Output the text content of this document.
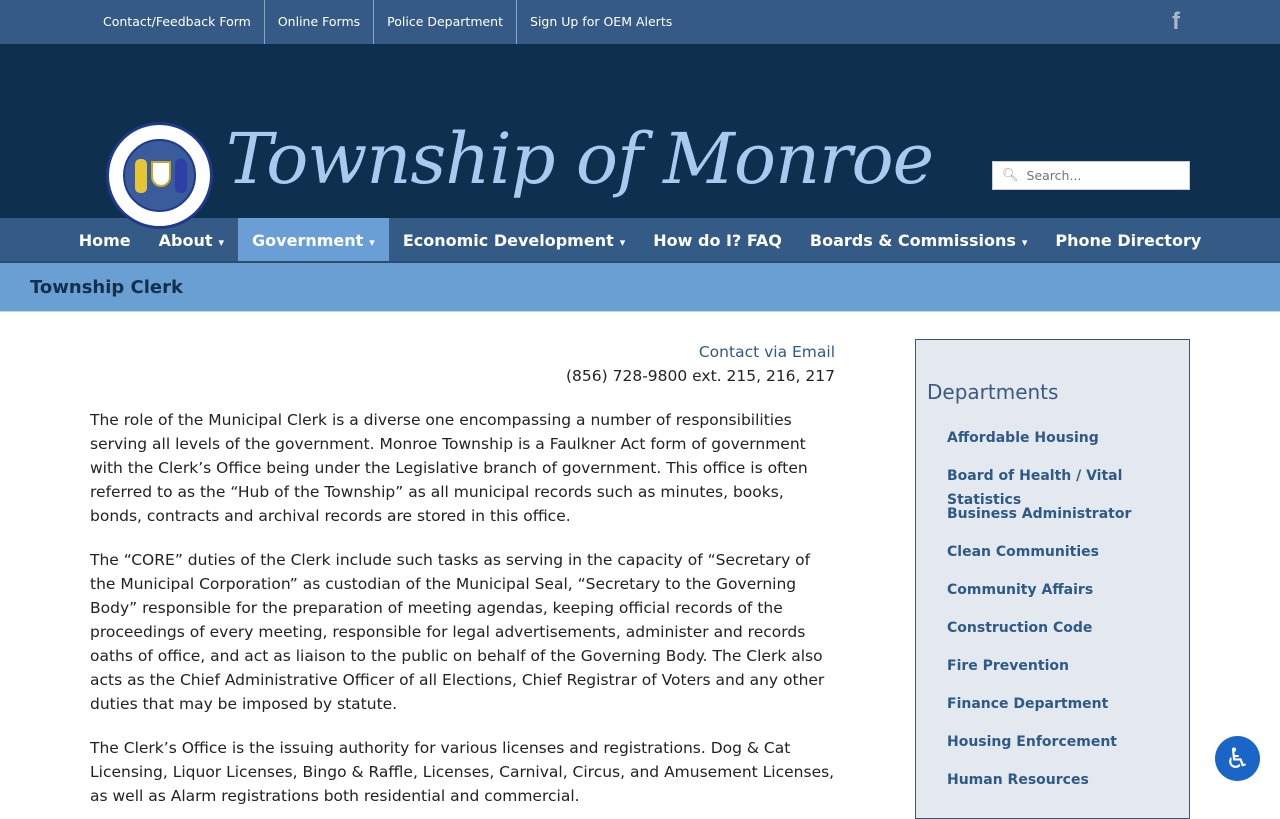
Contact/Feedback Form	Online Forms	Police Department	Sign Up for OEM Alerts	f
Township of Monroe	🔍︎
Search...
Home	About ▾	Government ▾	Economic Development ▾	How do I? FAQ	Boards & Commissions ▾	Phone Directory
Township Clerk
Contact via Email
(856) 728-9800 ext. 215, 216, 217

The role of the Municipal Clerk is a diverse one encompassing a number of responsibilities serving all levels of the government. Monroe Township is a Faulkner Act form of government with the Clerk’s Office being under the Legislative branch of government. This office is often referred to as the “Hub of the Township” as all municipal records such as minutes, books, bonds, contracts and archival records are stored in this office.

The “CORE” duties of the Clerk include such tasks as serving in the capacity of “Secretary of the Municipal Corporation” as custodian of the Municipal Seal, “Secretary to the Governing Body” responsible for the preparation of meeting agendas, keeping official records of the proceedings of every meeting, responsible for legal advertisements, administer and records oaths of office, and act as liaison to the public on behalf of the Governing Body. The Clerk also acts as the Chief Administrative Officer of all Elections, Chief Registrar of Voters and any other duties that may be imposed by statute.

The Clerk’s Office is the issuing authority for various licenses and registrations. Dog & Cat Licensing, Liquor Licenses, Bingo & Raffle, Licenses, Carnival, Circus, and Amusement Licenses, as well as Alarm registrations both residential and commercial.

Departments
Affordable Housing
Board of Health / Vital Statistics
Business Administrator
Clean Communities
Community Affairs
Construction Code
Fire Prevention
Finance Department
Housing Enforcement
Human Resources
♿
